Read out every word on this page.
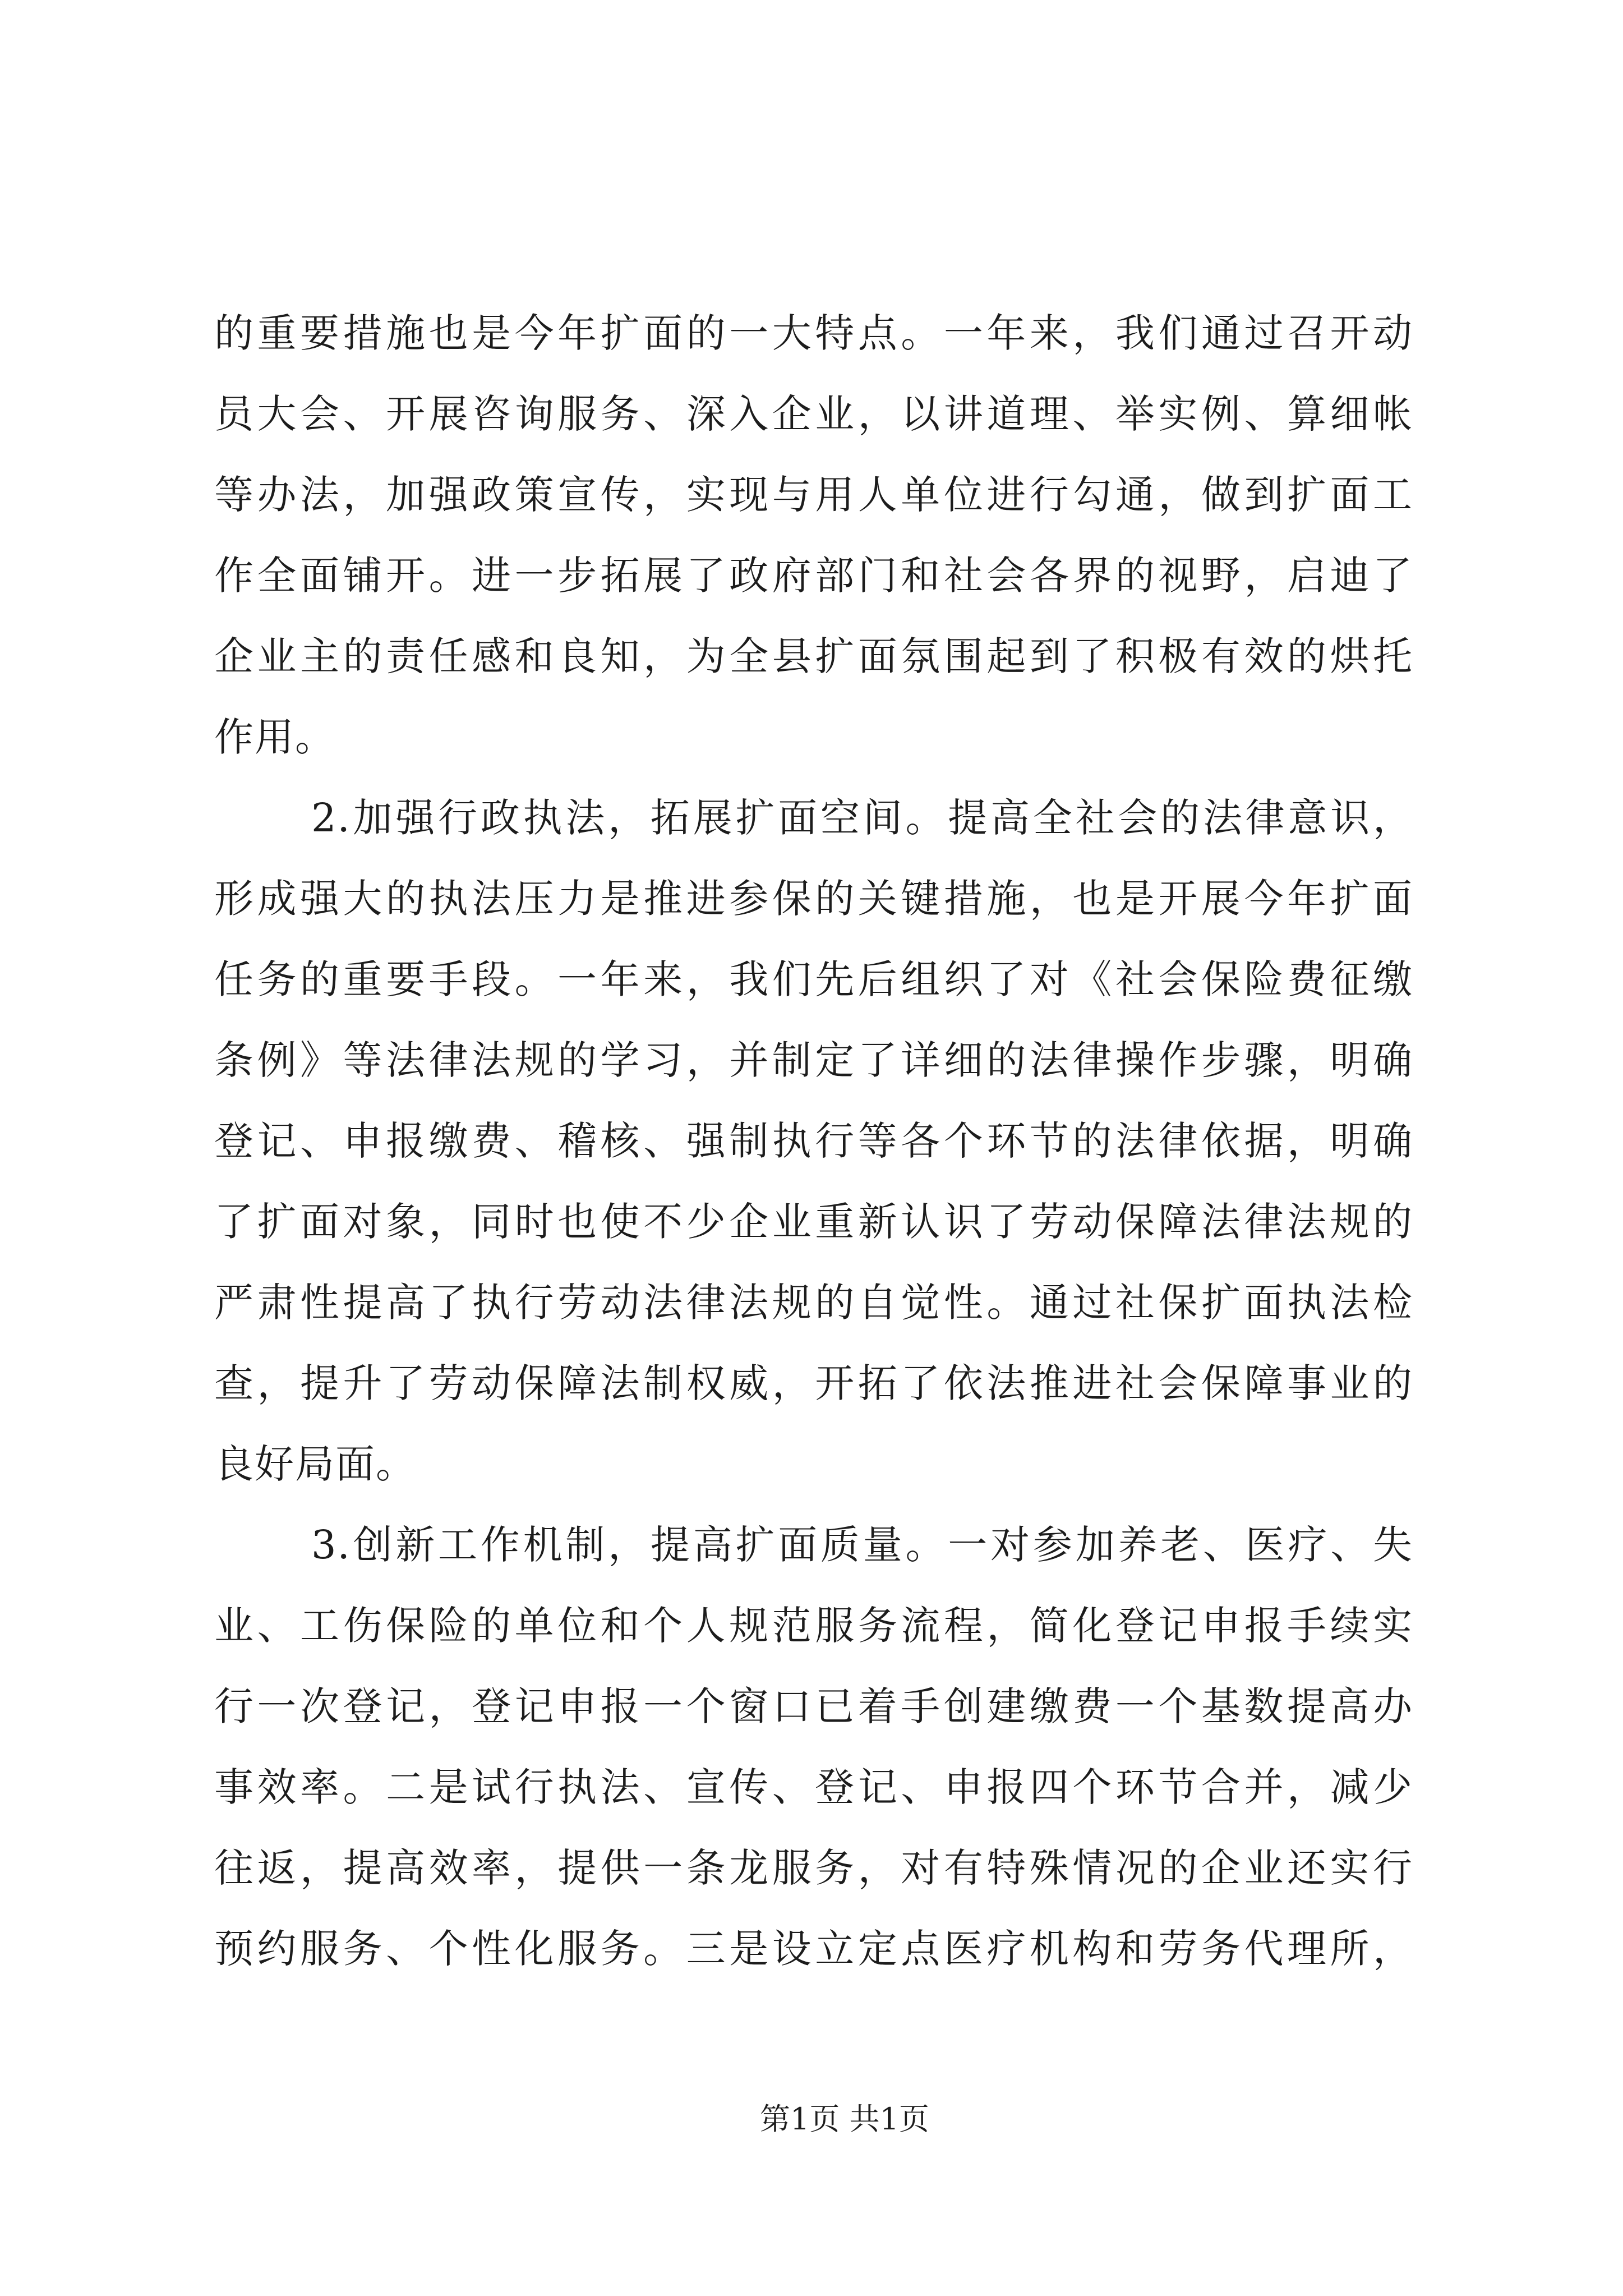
的重要措施也是今年扩面的一大特点。一年来，我们通过召开动
员大会、开展咨询服务、深入企业，以讲道理、举实例、算细帐
等办法，加强政策宣传，实现与用人单位进行勾通，做到扩面工
作全面铺开。进一步拓展了政府部门和社会各界的视野，启迪了
企业主的责任感和良知，为全县扩面氛围起到了积极有效的烘托
作用。
2.加强行政执法，拓展扩面空间。提高全社会的法律意识，
形成强大的执法压力是推进参保的关键措施，也是开展今年扩面
任务的重要手段。一年来，我们先后组织了对《社会保险费征缴
条例》等法律法规的学习，并制定了详细的法律操作步骤，明确
登记、申报缴费、稽核、强制执行等各个环节的法律依据，明确
了扩面对象，同时也使不少企业重新认识了劳动保障法律法规的
严肃性提高了执行劳动法律法规的自觉性。通过社保扩面执法检
查，提升了劳动保障法制权威，开拓了依法推进社会保障事业的
良好局面。
3.创新工作机制，提高扩面质量。一对参加养老、医疗、失
业、工伤保险的单位和个人规范服务流程，简化登记申报手续实
行一次登记，登记申报一个窗口已着手创建缴费一个基数提高办
事效率。二是试行执法、宣传、登记、申报四个环节合并，减少
往返，提高效率，提供一条龙服务，对有特殊情况的企业还实行
预约服务、个性化服务。三是设立定点医疗机构和劳务代理所，
第1页 共1页
